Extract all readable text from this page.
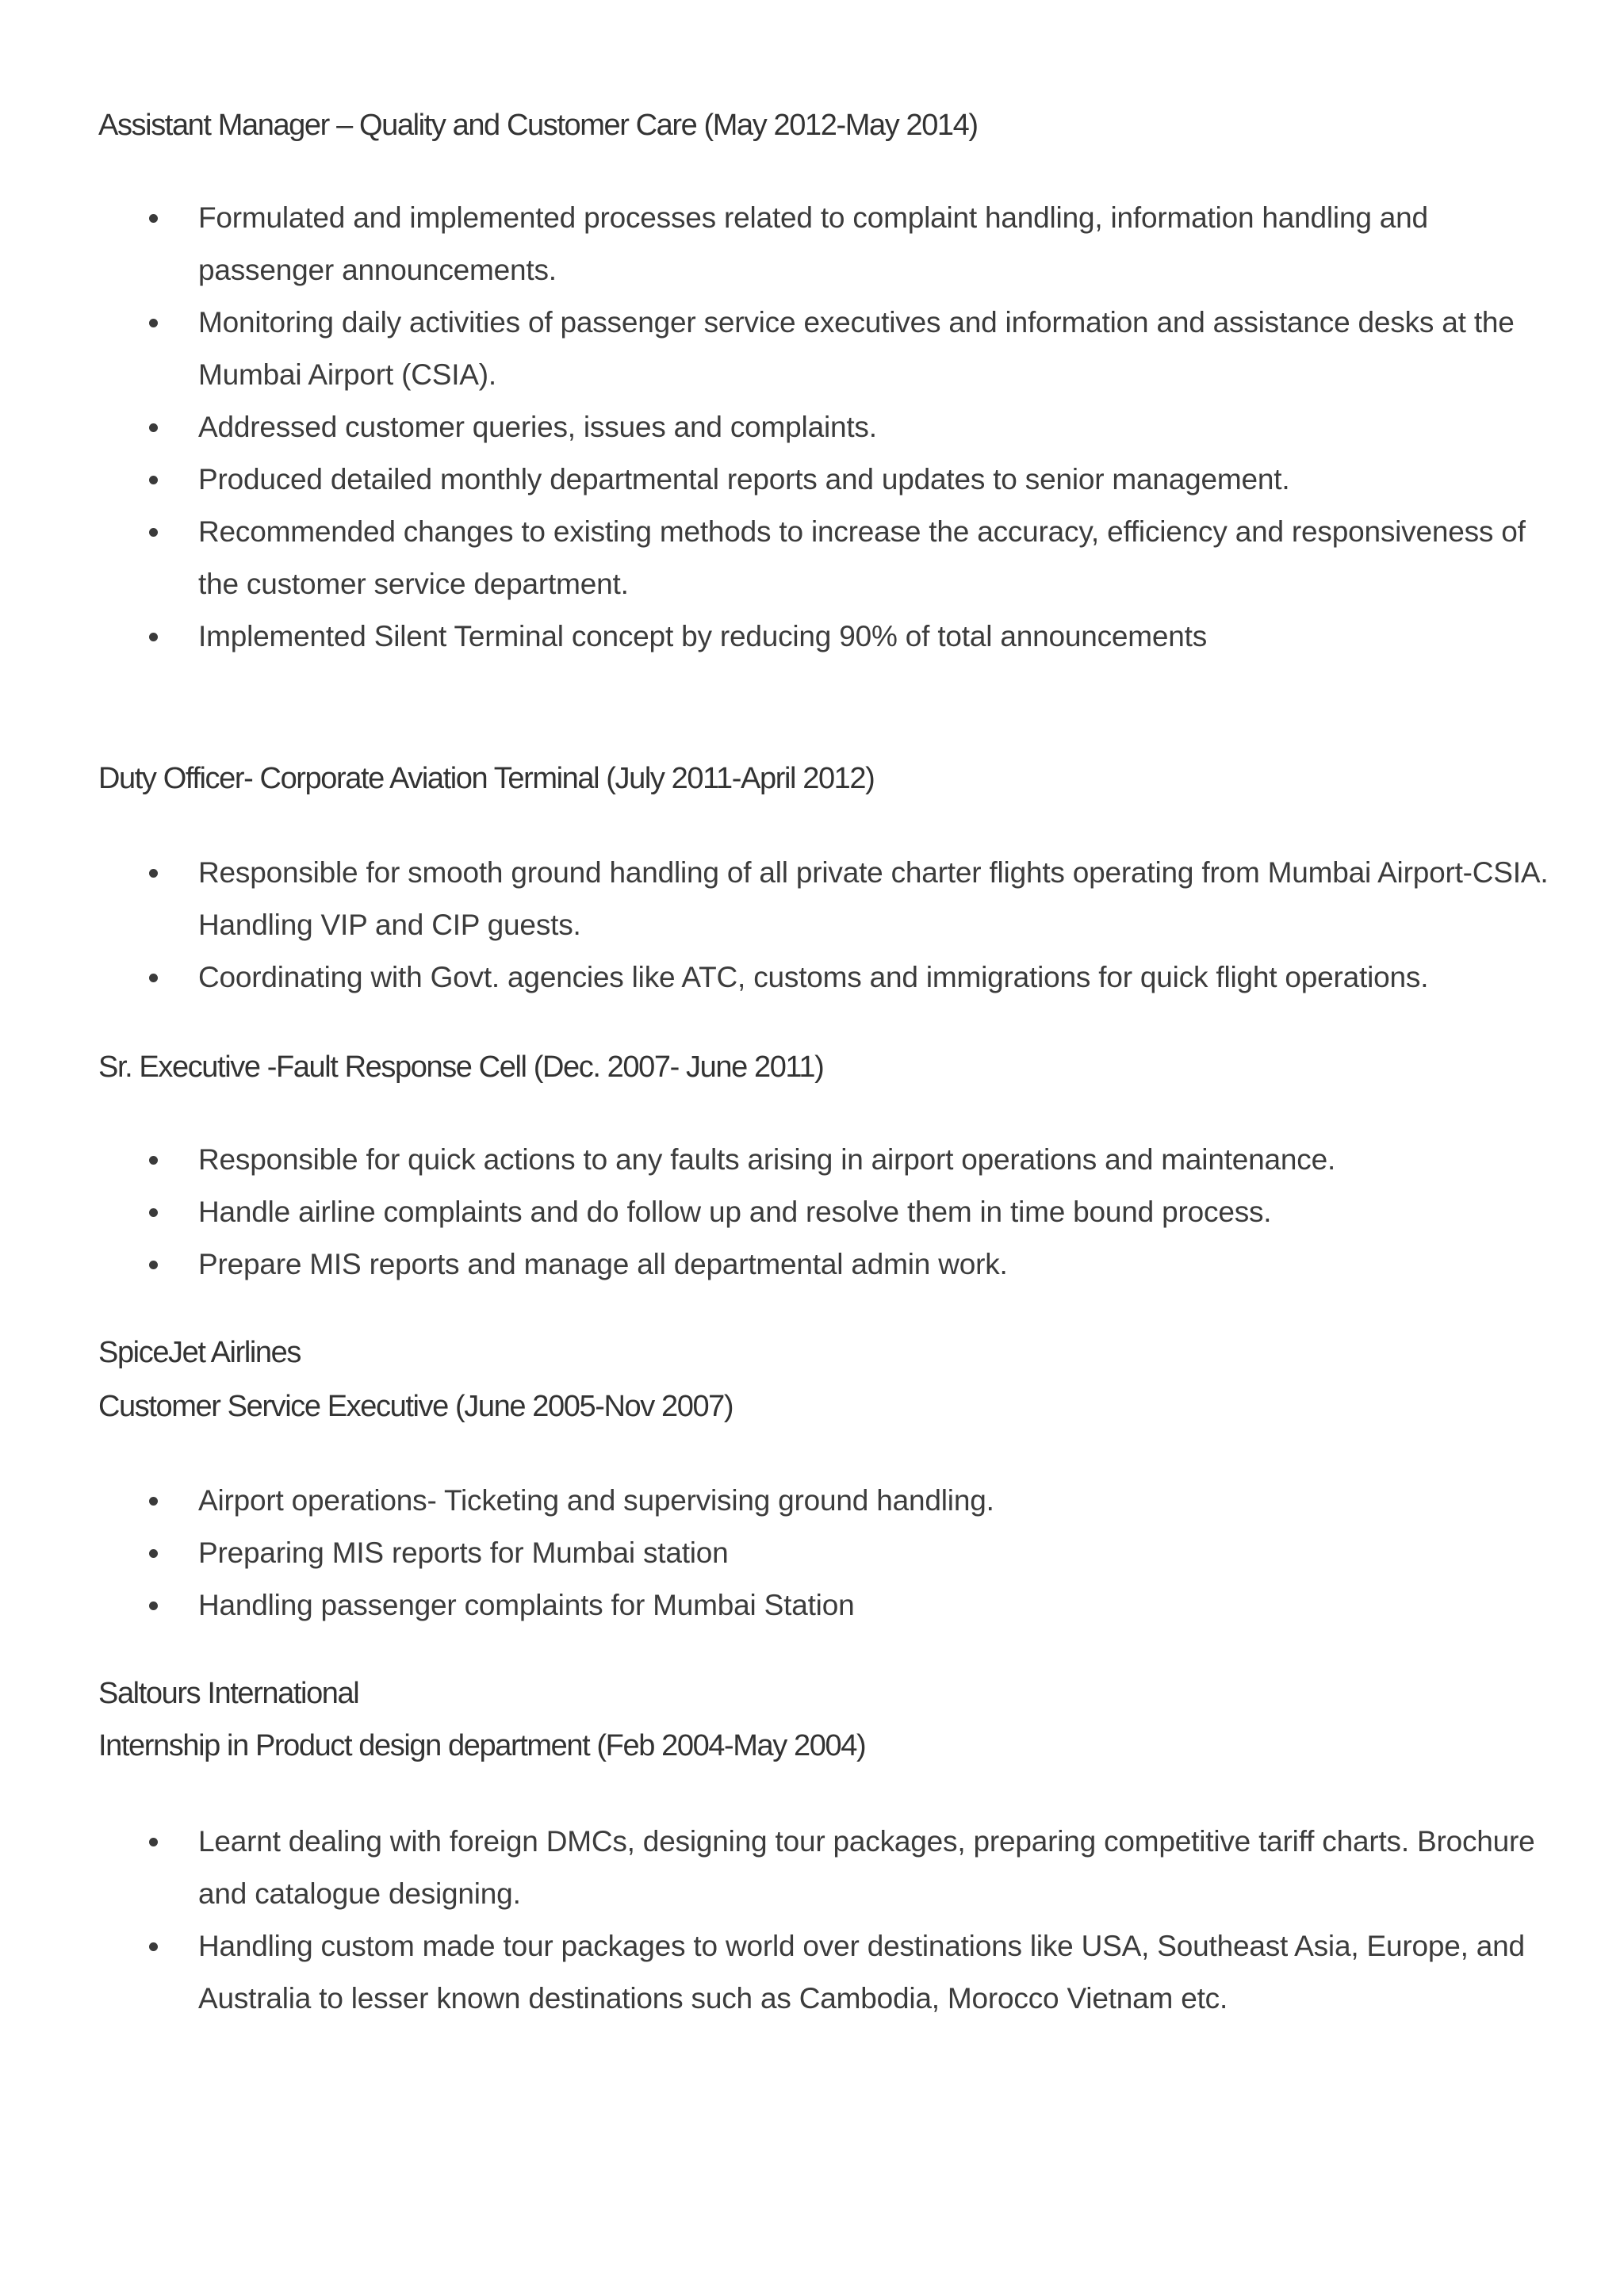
Assistant Manager – Quality and Customer Care (May 2012-May 2014)
Formulated and implemented processes related to complaint handling, information handling and passenger announcements.
Monitoring daily activities of passenger service executives and information and assistance desks at the Mumbai Airport (CSIA).
Addressed customer queries, issues and complaints.
Produced detailed monthly departmental reports and updates to senior management.
Recommended changes to existing methods to increase the accuracy, efficiency and responsiveness of the customer service department.
Implemented Silent Terminal concept by reducing 90% of total announcements
Duty Officer- Corporate Aviation Terminal (July 2011-April 2012)
Responsible for smooth ground handling of all private charter flights operating from Mumbai Airport-CSIA. Handling VIP and CIP guests.
Coordinating with Govt. agencies like ATC, customs and immigrations for quick flight operations.
Sr. Executive -Fault Response Cell (Dec. 2007- June 2011)
Responsible for quick actions to any faults arising in airport operations and maintenance.
Handle airline complaints and do follow up and resolve them in time bound process.
Prepare MIS reports and manage all departmental admin work.
SpiceJet Airlines
Customer Service Executive (June 2005-Nov 2007)
Airport operations- Ticketing and supervising ground handling.
Preparing MIS reports for Mumbai station
Handling passenger complaints for Mumbai Station
Saltours International
Internship in Product design department (Feb 2004-May 2004)
Learnt dealing with foreign DMCs, designing tour packages, preparing competitive tariff charts. Brochure and catalogue designing.
Handling custom made tour packages to world over destinations like USA, Southeast Asia, Europe, and Australia to lesser known destinations such as Cambodia, Morocco Vietnam etc.
